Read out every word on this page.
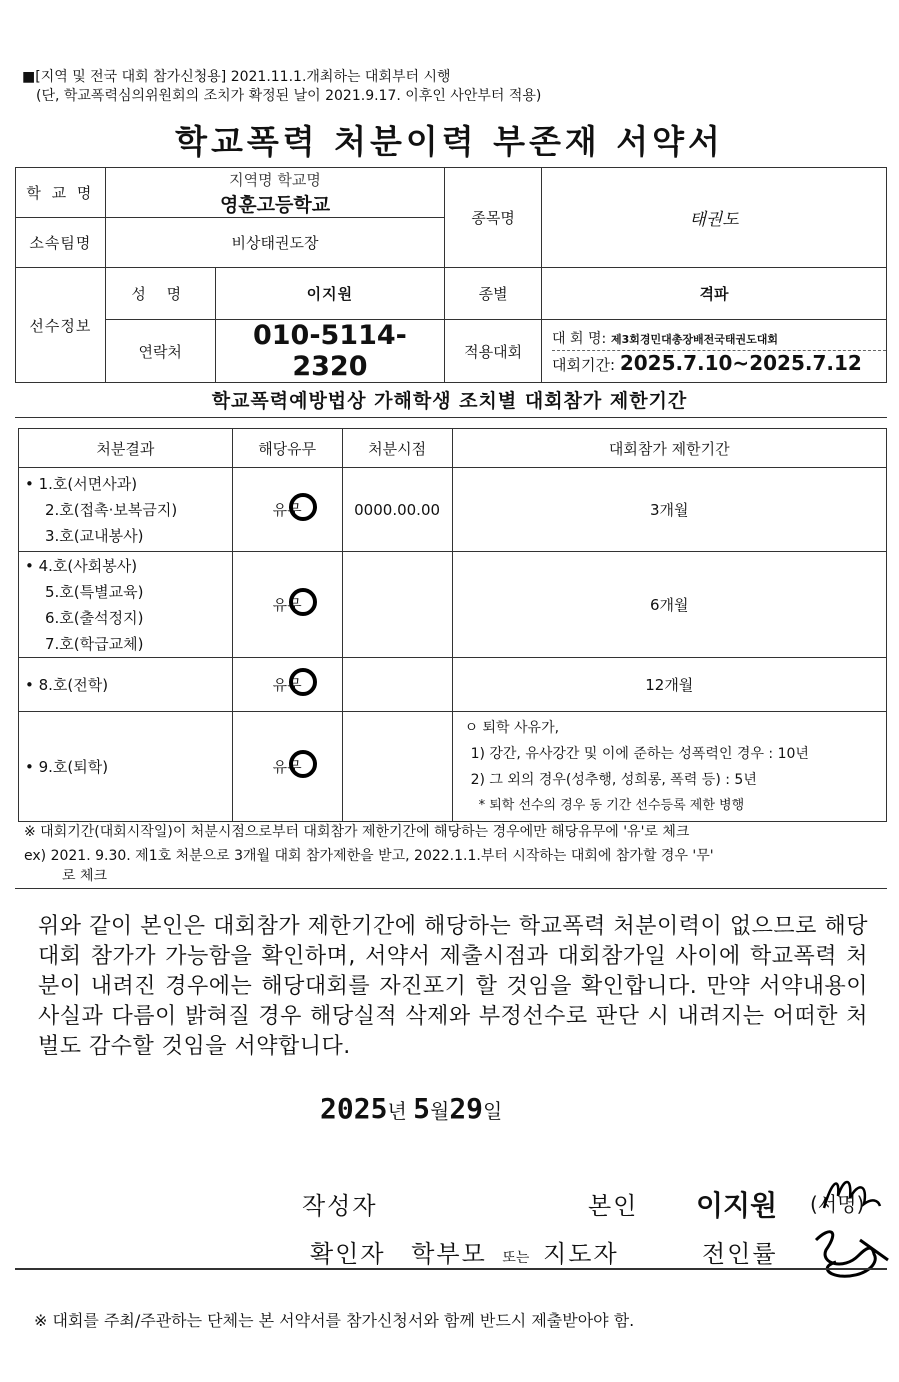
■[지역 및 전국 대회 참가신청용] 2021.11.1.개최하는 대회부터 시행
(단, 학교폭력심의위원회의 조치가 확정된 날이 2021.9.17. 이후인 사안부터 적용)
학교폭력 처분이력 부존재 서약서
학 교 명	지역명 학교명
영훈고등학교		종목명	태권도
소속팀명	비상태권도장			
선수정보	성 명	이지원	종별	격파
	연락처	010-5114-2320	적용대회	대 회 명: 제3회경민대총장배전국태권도대회
대회기간: 2025.7.10~2025.7.12
학교폭력예방법상 가해학생 조치별 대회참가 제한기간
처분결과	해당유무	처분시점	대회참가 제한기간

• 1.호(서면사과)
2.호(접촉·보복금지)
3.호(교내봉사)	유무	0000.00.00	3개월

• 4.호(사회봉사)
5.호(특별교육)
6.호(출석정지)
7.호(학급교체)	유무		6개월

• 8.호(전학)	유무		12개월

• 9.호(퇴학)	유무		ㅇ 퇴학 사유가,
1) 강간, 유사강간 및 이에 준하는 성폭력인 경우 : 10년
2) 그 외의 경우(성추행, 성희롱, 폭력 등) : 5년
* 퇴학 선수의 경우 동 기간 선수등록 제한 병행
※ 대회기간(대회시작일)이 처분시점으로부터 대회참가 제한기간에 해당하는 경우에만 해당유무에 '유'로 체크
ex) 2021. 9.30. 제1호 처분으로 3개월 대회 참가제한을 받고, 2022.1.1.부터 시작하는 대회에 참가할 경우 '무'
로 체크
위와 같이 본인은 대회참가 제한기간에 해당하는 학교폭력 처분이력이 없으므로 해당 대회 참가가 가능함을 확인하며, 서약서 제출시점과 대회참가일 사이에 학교폭력 처분이 내려진 경우에는 해당대회를 자진포기 할 것임을 확인합니다. 만약 서약내용이 사실과 다름이 밝혀질 경우 해당실적 삭제와 부정선수로 판단 시 내려지는 어떠한 처벌도 감수할 것임을 서약합니다.
2025년 5월29일
작성자	본인 이지원 (서명)
확인자 학부모 또는 지도자	전인률
※ 대회를 주최/주관하는 단체는 본 서약서를 참가신청서와 함께 반드시 제출받아야 함.
